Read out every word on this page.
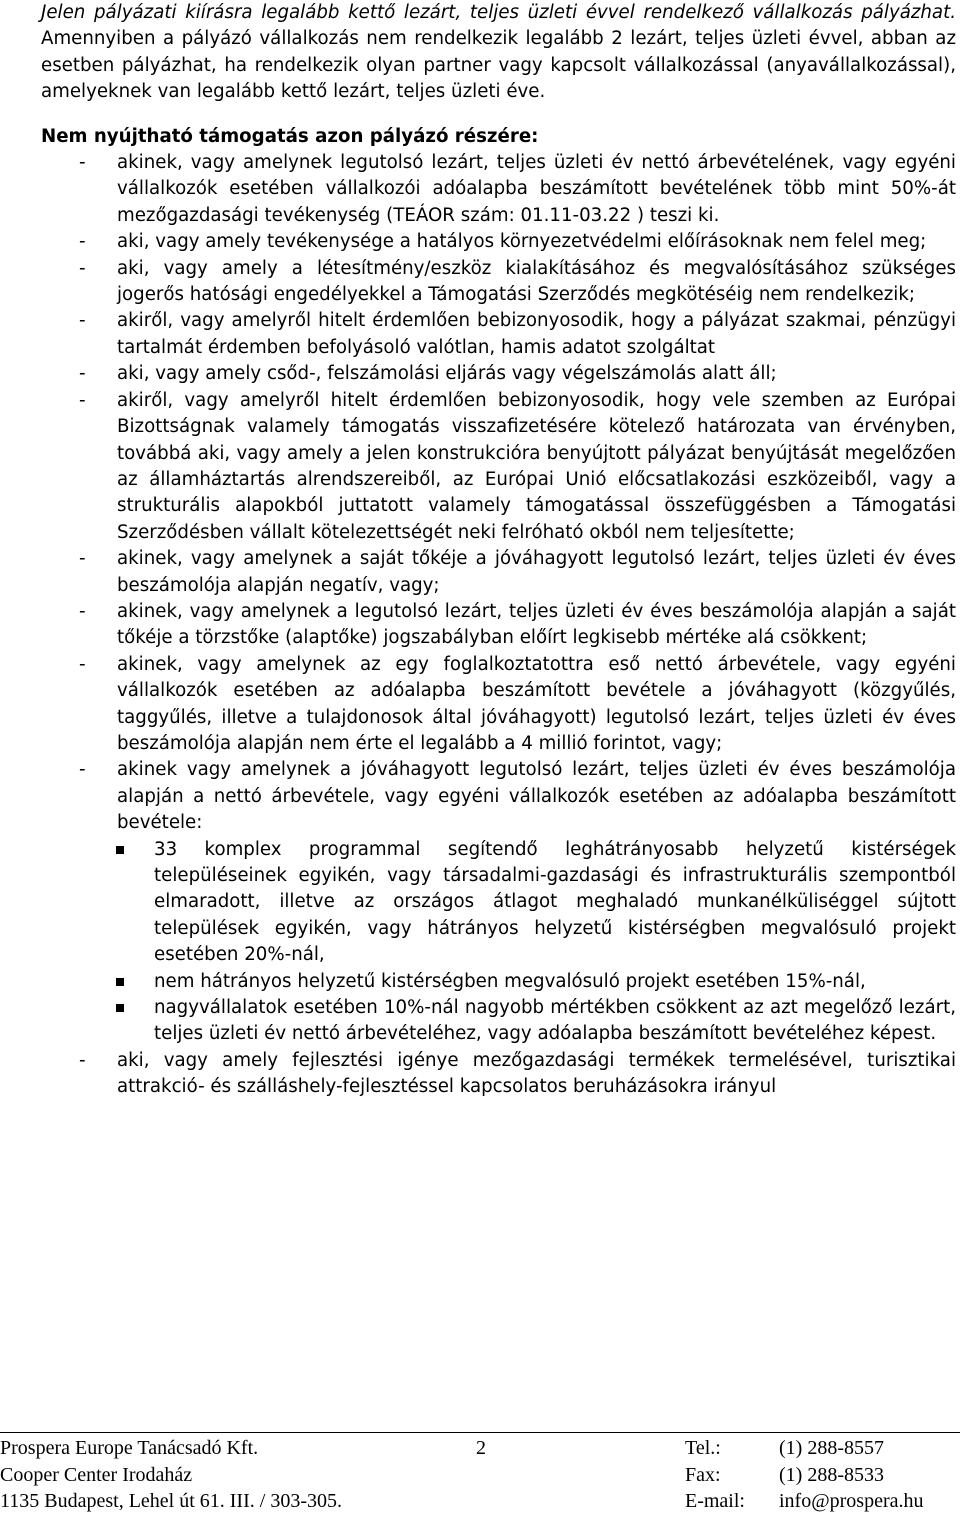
Jelen pályázati kiírásra legalább kettő lezárt, teljes üzleti évvel rendelkező vállalkozás pályázhat. Amennyiben a pályázó vállalkozás nem rendelkezik legalább 2 lezárt, teljes üzleti évvel, abban az esetben pályázhat, ha rendelkezik olyan partner vagy kapcsolt vállalkozással (anyavállalkozással), amelyeknek van legalább kettő lezárt, teljes üzleti éve.

Nem nyújtható támogatás azon pályázó részére:

- akinek, vagy amelynek legutolsó lezárt, teljes üzleti év nettó árbevételének, vagy egyéni vállalkozók esetében vállalkozói adóalapba beszámított bevételének több mint 50%-át mezőgazdasági tevékenység (TEÁOR szám: 01.11-03.22 ) teszi ki.
- aki, vagy amely tevékenysége a hatályos környezetvédelmi előírásoknak nem felel meg;
- aki, vagy amely a létesítmény/eszköz kialakításához és megvalósításához szükséges jogerős hatósági engedélyekkel a Támogatási Szerződés megkötéséig nem rendelkezik;
- akiről, vagy amelyről hitelt érdemlően bebizonyosodik, hogy a pályázat szakmai, pénzügyi tartalmát érdemben befolyásoló valótlan, hamis adatot szolgáltat
- aki, vagy amely csőd-, felszámolási eljárás vagy végelszámolás alatt áll;
- akiről, vagy amelyről hitelt érdemlően bebizonyosodik, hogy vele szemben az Európai Bizottságnak valamely támogatás visszafizetésére kötelező határozata van érvényben, továbbá aki, vagy amely a jelen konstrukcióra benyújtott pályázat benyújtását megelőzően az államháztartás alrendszereiből, az Európai Unió előcsatlakozási eszközeiből, vagy a strukturális alapokból juttatott valamely támogatással összefüggésben a Támogatási Szerződésben vállalt kötelezettségét neki felróható okból nem teljesítette;
- akinek, vagy amelynek a saját tőkéje a jóváhagyott legutolsó lezárt, teljes üzleti év éves beszámolója alapján negatív, vagy;
- akinek, vagy amelynek a legutolsó lezárt, teljes üzleti év éves beszámolója alapján a saját tőkéje a törzstőke (alaptőke) jogszabályban előírt legkisebb mértéke alá csökkent;
- akinek, vagy amelynek az egy foglalkoztatottra eső nettó árbevétele, vagy egyéni vállalkozók esetében az adóalapba beszámított bevétele a jóváhagyott (közgyűlés, taggyűlés, illetve a tulajdonosok által jóváhagyott) legutolsó lezárt, teljes üzleti év éves beszámolója alapján nem érte el legalább a 4 millió forintot, vagy;
- akinek vagy amelynek a jóváhagyott legutolsó lezárt, teljes üzleti év éves beszámolója alapján a nettó árbevétele, vagy egyéni vállalkozók esetében az adóalapba beszámított bevétele:
33 komplex programmal segítendő leghátrányosabb helyzetű kistérségek településeinek egyikén, vagy társadalmi-gazdasági és infrastrukturális szempontból elmaradott, illetve az országos átlagot meghaladó munkanélküliséggel sújtott települések egyikén, vagy hátrányos helyzetű kistérségben megvalósuló projekt esetében 20%-nál,
nem hátrányos helyzetű kistérségben megvalósuló projekt esetében 15%-nál,
nagyvállalatok esetében 10%-nál nagyobb mértékben csökkent az azt megelőző lezárt, teljes üzleti év nettó árbevételéhez, vagy adóalapba beszámított bevételéhez képest.
- aki, vagy amely fejlesztési igénye mezőgazdasági termékek termelésével, turisztikai attrakció- és szálláshely-fejlesztéssel kapcsolatos beruházásokra irányul
Prospera Europe Tanácsadó Kft.
Cooper Center Irodaház
1135 Budapest, Lehel út 61. III. / 303-305.
2	Tel.:
Fax:
E-mail:
(1) 288-8557
(1) 288-8533
info@prospera.hu
